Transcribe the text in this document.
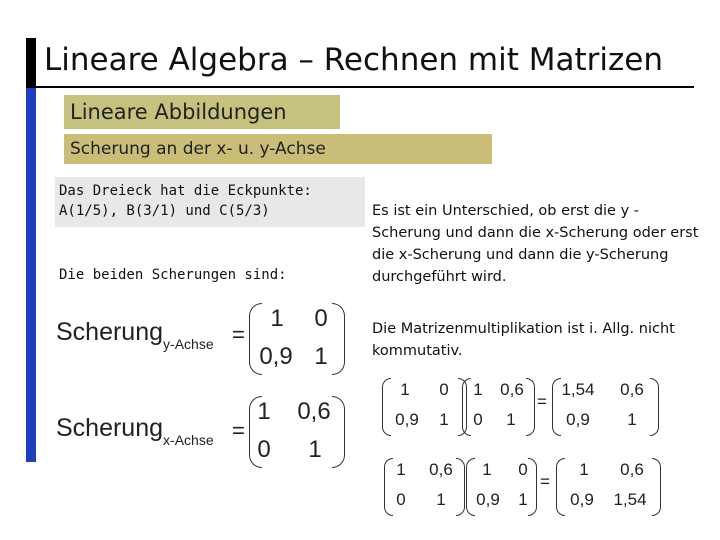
Lineare Algebra – Rechnen mit Matrizen
Lineare Abbildungen
Scherung an der x- u. y-Achse
Das Dreieck hat die Eckpunkte:
A(1/5), B(3/1) und C(5/3)
Die beiden Scherungen sind:
Es ist ein Unterschied, ob erst die y -Scherung und dann die x-Scherung oder erst die x-Scherung und dann die y-Scherung durchgeführt wird.
Die Matrizenmultiplikation ist i. Allg. nicht kommutativ.
Scherungy-Achse =
1	0
0,9 1
Scherungx-Achse =
1 0,6
0	1
1	0
0,9	1
1	0,6
0	1
=
1,54	0,6
0,9	1
1	0,6
0	1
1	0
0,9	1
=
1	0,6
0,9	1,54
